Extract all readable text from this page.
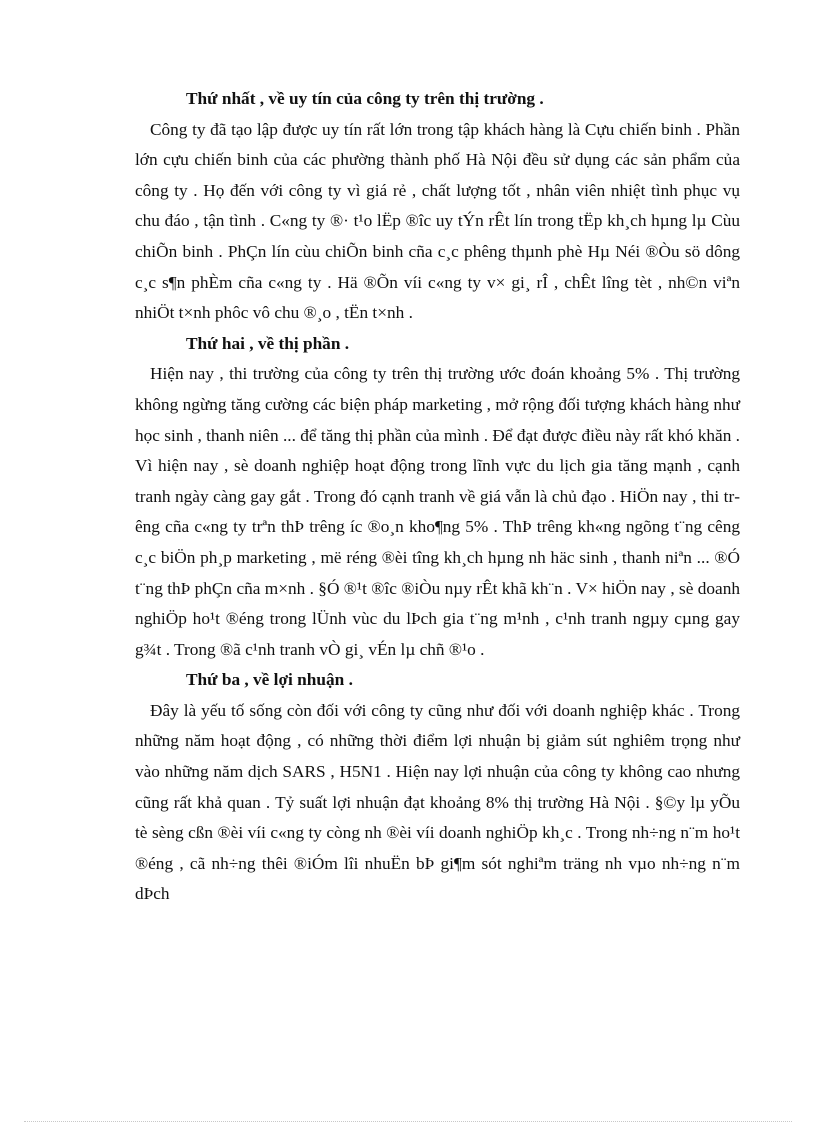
Thứ nhất , về uy tín của công ty trên thị trường .

Công ty đã tạo lập được uy tín rất lớn trong tập khách hàng là Cựu chiến binh . Phần lớn cựu chiến binh của các phường thành phố Hà Nội đều sử dụng các sản phẩm của công ty . Họ đến với công ty vì giá rẻ , chất lượng tốt , nhân viên nhiệt tình phục vụ chu đáo , tận tình . C«ng ty ®· t¹o lËp ®îc uy tÝn rÊt lín trong tËp kh¸ch hµng lµ Cùu chiÕn binh . PhÇn lín cùu chiÕn binh cña c¸c phêng thµnh phè Hµ Néi ®Òu sö dông c¸c s¶n phÈm cña c«ng ty . Hä ®Õn víi c«ng ty v× gi¸ rÎ , chÊt lîng tèt , nh©n viªn nhiÖt t×nh phôc vô chu ®¸o , tËn t×nh .

Thứ hai , về thị phần .

Hiện nay , thi trường của công ty trên thị trường ước đoán khoảng 5% . Thị trường không ngừng tăng cường các biện pháp marketing , mở rộng đối tượng khách hàng như học sinh , thanh niên ... để tăng thị phần của mình . Để đạt được điều này rất khó khăn . Vì hiện nay , sè doanh nghiệp hoạt động trong lĩnh vực du lịch gia tăng mạnh , cạnh tranh ngày càng gay gắt . Trong đó cạnh tranh về giá vẫn là chủ đạo . HiÖn nay , thi trêng cña c«ng ty trªn thÞ trêng íc ®o¸n kho¶ng 5% . ThÞ trêng kh«ng ngõng t¨ng cêng c¸c biÖn ph¸p marketing , më réng ®èi tîng kh¸ch hµng nh häc sinh , thanh niªn ... ®Ó t¨ng thÞ phÇn cña m×nh . §Ó ®¹t ®îc ®iÒu nµy rÊt khã kh¨n . V× hiÖn nay , sè doanh nghiÖp ho¹t ®éng trong lÜnh vùc du lÞch gia t¨ng m¹nh , c¹nh tranh ngµy cµng gay g¾t . Trong ®ã c¹nh tranh vÒ gi¸ vÉn lµ chñ ®¹o .

Thứ ba , về lợi nhuận .

Đây là yếu tố sống còn đối với công ty cũng như đối với doanh nghiệp khác . Trong những năm hoạt động , có những thời điểm lợi nhuận bị giảm sút nghiêm trọng như vào những năm dịch SARS , H5N1 . Hiện nay lợi nhuận của công ty không cao nhưng cũng rất khả quan . Tỷ suất lợi nhuận đạt khoảng 8% thị trường Hà Nội . §©y lµ yÕu tè sèng cßn ®èi víi c«ng ty còng nh ®èi víi doanh nghiÖp kh¸c . Trong nh÷ng n¨m ho¹t ®éng , cã nh÷ng thêi ®iÓm lîi nhuËn bÞ gi¶m sót nghiªm träng nh vµo nh÷ng n¨m dÞch
